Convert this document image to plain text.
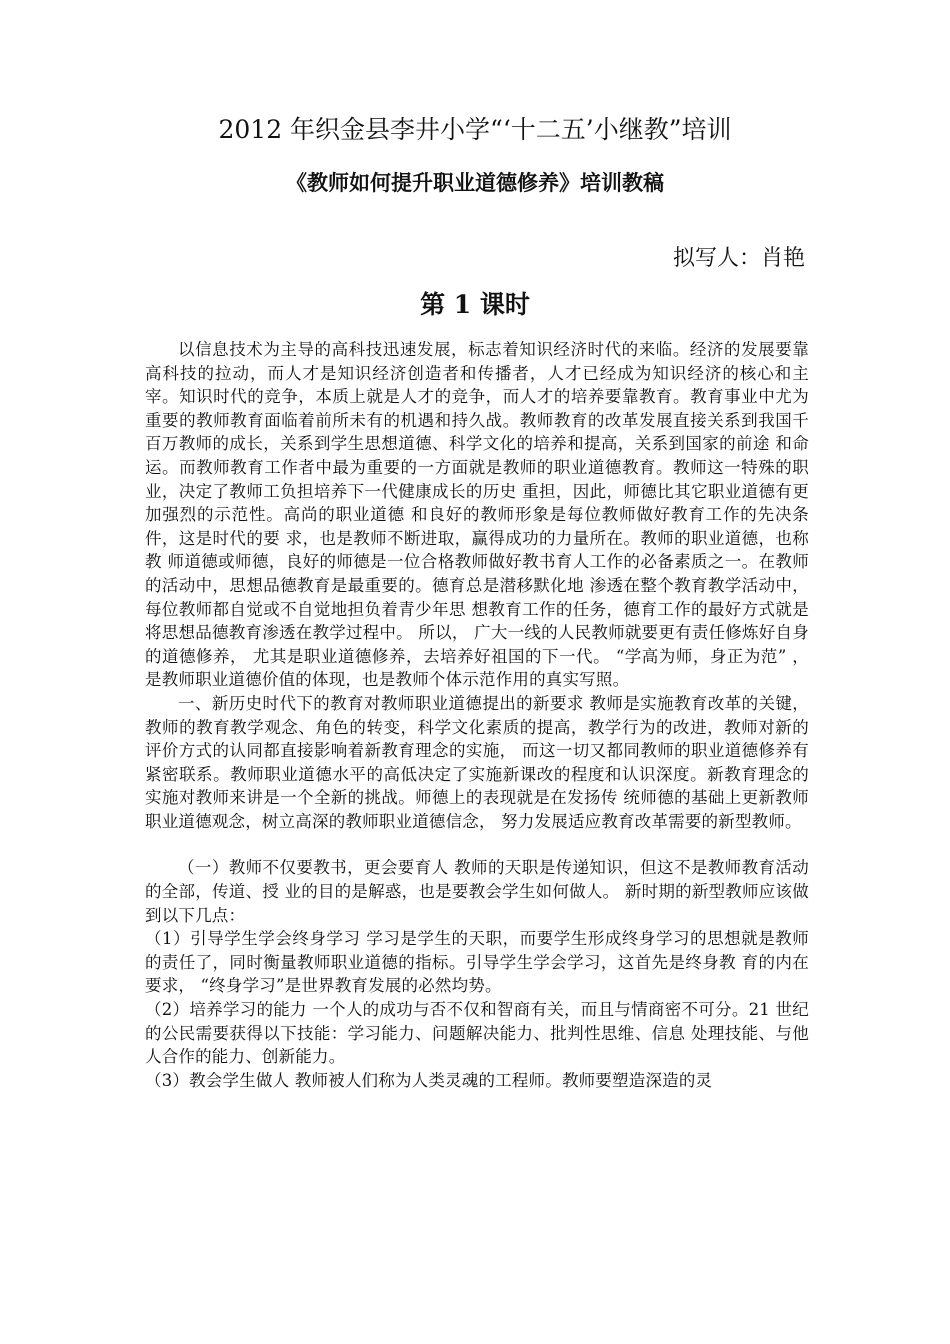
2012 年织金县李井小学“‘十二五’小继教”培训
《教师如何提升职业道德修养》培训教稿

拟写人：肖艳

第 1 课时

以信息技术为主导的高科技迅速发展，标志着知识经济时代的来临。经济的发展要靠高科技的拉动，而人才是知识经济创造者和传播者，人才已经成为知识经济的核心和主宰。知识时代的竞争，本质上就是人才的竞争，而人才的培养要靠教育。教育事业中尤为重要的教师教育面临着前所未有的机遇和持久战。教师教育的改革发展直接关系到我国千百万教师的成长，关系到学生思想道德、科学文化的培养和提高，关系到国家的前途 和命运。而教师教育工作者中最为重要的一方面就是教师的职业道德教育。教师这一特殊的职业，决定了教师工负担培养下一代健康成长的历史 重担，因此，师德比其它职业道德有更加强烈的示范性。高尚的职业道德 和良好的教师形象是每位教师做好教育工作的先决条件，这是时代的要 求，也是教师不断进取，赢得成功的力量所在。教师的职业道德，也称教 师道德或师德，良好的师德是一位合格教师做好教书育人工作的必备素质之一。在教师的活动中，思想品德教育是最重要的。德育总是潜移默化地 渗透在整个教育教学活动中，每位教师都自觉或不自觉地担负着青少年思 想教育工作的任务，德育工作的最好方式就是将思想品德教育渗透在教学过程中。 所以， 广大一线的人民教师就要更有责任修炼好自身的道德修养， 尤其是职业道德修养，去培养好祖国的下一代。 “学高为师，身正为范” ， 是教师职业道德价值的体现，也是教师个体示范作用的真实写照。

一、新历史时代下的教育对教师职业道德提出的新要求 教师是实施教育改革的关键，教师的教育教学观念、角色的转变，科学文化素质的提高，教学行为的改进，教师对新的评价方式的认同都直接影响着新教育理念的实施， 而这一切又都同教师的职业道德修养有紧密联系。教师职业道德水平的高低决定了实施新课改的程度和认识深度。新教育理念的实施对教师来讲是一个全新的挑战。师德上的表现就是在发扬传 统师德的基础上更新教师职业道德观念，树立高深的教师职业道德信念， 努力发展适应教育改革需要的新型教师。

（一）教师不仅要教书，更会要育人 教师的天职是传递知识，但这不是教师教育活动的全部，传道、授 业的目的是解惑，也是要教会学生如何做人。 新时期的新型教师应该做到以下几点：

（1）引导学生学会终身学习 学习是学生的天职，而要学生形成终身学习的思想就是教师的责任了，同时衡量教师职业道德的指标。引导学生学会学习，这首先是终身教 育的内在要求， “终身学习”是世界教育发展的必然均势。

（2）培养学习的能力 一个人的成功与否不仅和智商有关，而且与情商密不可分。21 世纪 的公民需要获得以下技能：学习能力、问题解决能力、批判性思维、信息 处理技能、与他人合作的能力、创新能力。

（3）教会学生做人 教师被人们称为人类灵魂的工程师。教师要塑造深造的灵
